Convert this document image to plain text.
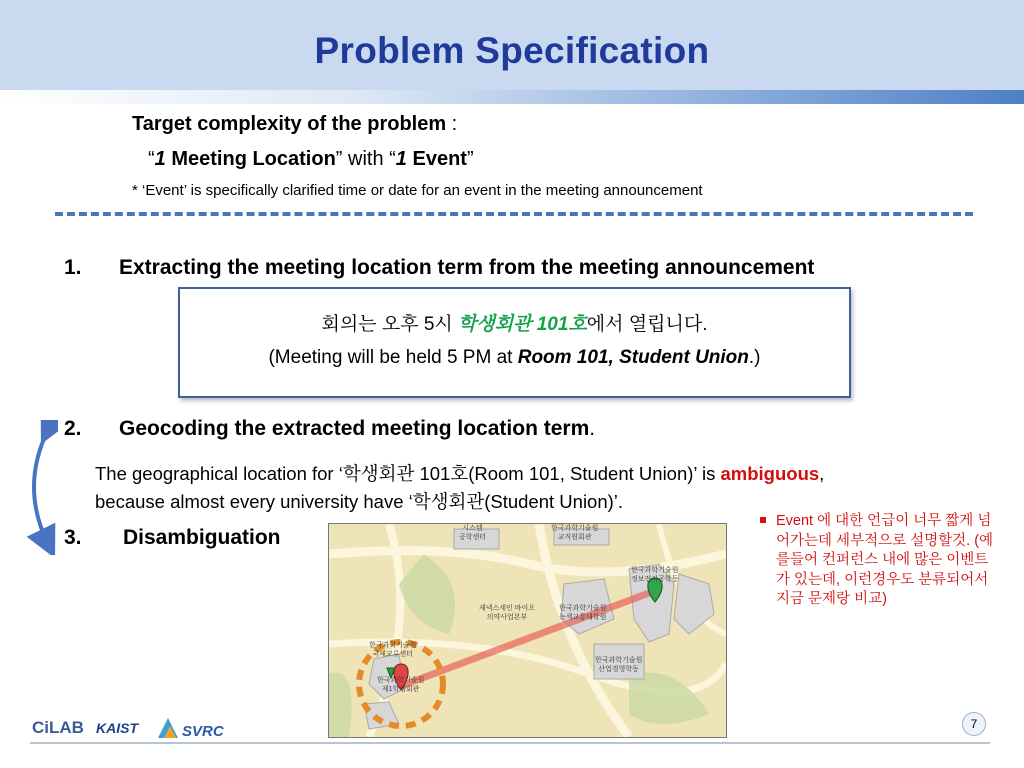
Problem Specification
Target complexity of the problem :
“1 Meeting Location” with “1 Event”
* ‘Event’ is specifically clarified time or date for an event in the meeting announcement
1. Extracting the meeting location term from the meeting announcement
회의는 오후 5시 학생회관 101호에서 열립니다.
(Meeting will be held 5 PM at Room 101, Student Union.)
2. Geocoding the extracted meeting location term.
The geographical location for ‘학생회관 101호(Room 101, Student Union)’ is ambiguous,
because almost every university have ‘학생회관(Student Union)’.
3. Disambiguation	시스템
공학센터
한국과학기술원
교직원회관
한국과학기술원
정보전자공학동
제넥스세인 바이오
의약사업본부
한국과학기술원
녹색교통대학원
한국과학기술원
국제교류센터
한국과학기술원
제1학생회관
한국과학기술원
산업경영학동
Event 에 대한 언급이 너무 짧게 넘어가는데 세부적으로 설명할것. (예를들어 컨퍼런스 내에 많은 이벤트가 있는데, 이런경우도 분류되어서 지금 문제랑 비교)
7
CiLAB KAIST	SVRC
